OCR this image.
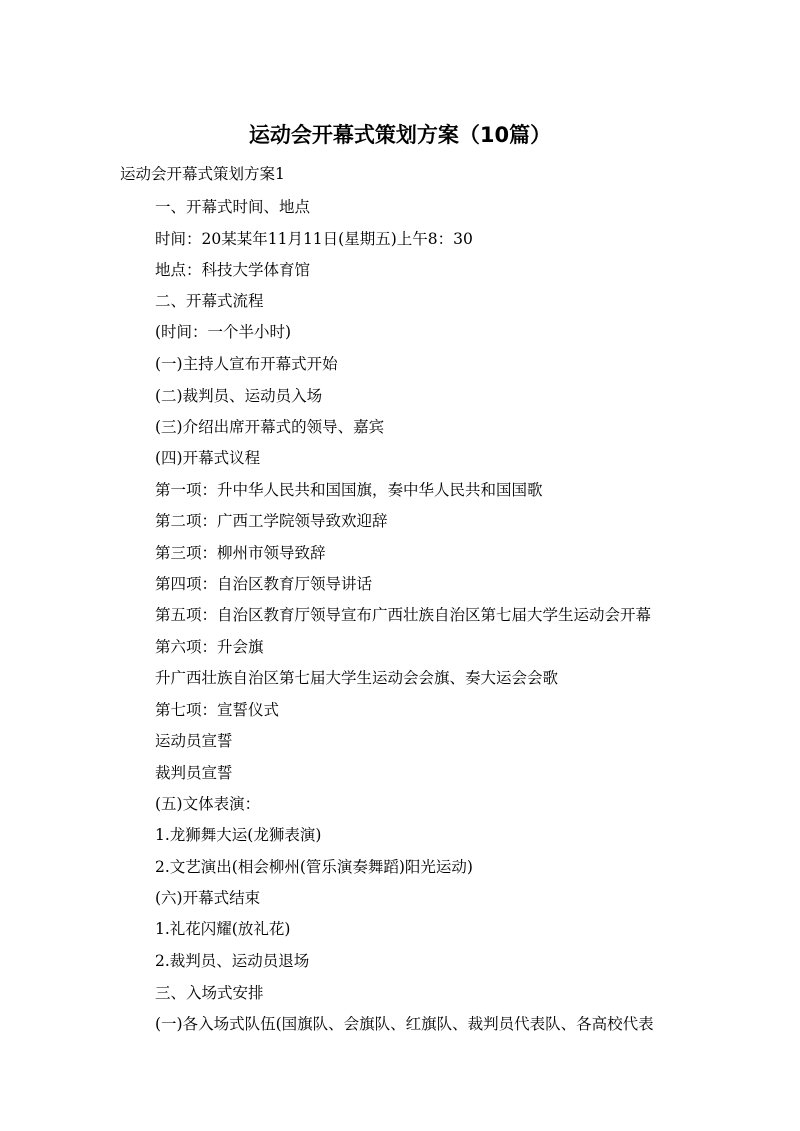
运动会开幕式策划方案（10篇）

运动会开幕式策划方案1

一、开幕式时间、地点

时间：20某某年11月11日(星期五)上午8：30

地点：科技大学体育馆

二、开幕式流程

(时间：一个半小时)

(一)主持人宣布开幕式开始

(二)裁判员、运动员入场

(三)介绍出席开幕式的领导、嘉宾

(四)开幕式议程

第一项：升中华人民共和国国旗，奏中华人民共和国国歌

第二项：广西工学院领导致欢迎辞

第三项：柳州市领导致辞

第四项：自治区教育厅领导讲话

第五项：自治区教育厅领导宣布广西壮族自治区第七届大学生运动会开幕

第六项：升会旗

升广西壮族自治区第七届大学生运动会会旗、奏大运会会歌

第七项：宣誓仪式

运动员宣誓

裁判员宣誓

(五)文体表演：

1.龙狮舞大运(龙狮表演)

2.文艺演出(相会柳州(管乐演奏舞蹈)阳光运动)

(六)开幕式结束

1.礼花闪耀(放礼花)

2.裁判员、运动员退场

三、入场式安排

(一)各入场式队伍(国旗队、会旗队、红旗队、裁判员代表队、各高校代表
